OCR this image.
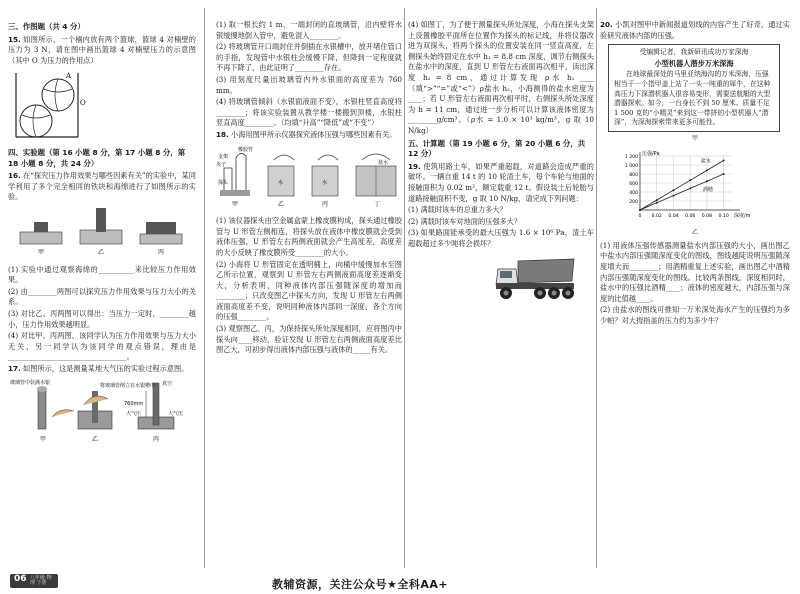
三、作图题（共 4 分）

15. 如图所示，一个楠内放有两个篮球，篮球 4 对楠壁的压力为 3 N，请在图中画出篮球 4 对楠壁压力的示意图（其中 O 为压力的作用点）

A
O
四、实验题（第 16 小题 8 分，第 17 小题 8 分，第 18 小题 8 分，共 24 分）

16. 在“探究压力作用效果与哪些因素有关”的实验中，某同学利用了多个完全相同的铁块和海绵进行了如图所示的实验。

甲	乙	丙

(1) 实验中通过观察海绵的__________来比较压力作用效果。

(2) 由________两图可以探究压力作用效果与压力大小的关系。

(3) 对比乙、丙两图可以得出：当压力一定时，________越小，压力作用效果越明显。

(4) 对比甲、丙两图，该同学认为压力作用效果与压力大小无关，另一同学认为该同学的观点错误，理由是_________________________________。

17. 如图所示，这是测量某地大气压的实验过程示意图。

玻璃管中装满水银	将玻璃管倒立在水银槽中
760mm
真空
大气压	大气压
甲	乙	丙

(1) 取一根长约 1 m、一端封闭的直玻璃管，沿内壁将水银缓慢地倒入管中，避免混入________。

(2) 将玻璃管开口端封住并倒插在水银槽中，放开堵住管口的手指，发现管中水银柱会缓慢下降，但降到一定程度就不再下降了，由此证明了________存在。

(3) 用刻度尺量出玻璃管内外水银面的高度差为 760 mm。

(4) 将玻璃管倾斜（水银面液面不变），水银柱竖直高度将________；将该实验装置从教学楼一楼搬到顶楼，水银柱竖直高度________。（均填“升高”“降低”或“不变”）

18. 小海用图甲所示仪器探究液体压强与哪些因素有关。

橡胶管
支架
夹子
探头	水	水
盐水
甲	乙	丙	丁

(1) 该仪器探头由空金属盒蒙上橡皮膜构成，探头通过橡胶管与 U 形管左侧相连，将探头放在液体中橡皮膜就会受到液体压强，U 形管左右两侧液面就会产生高度差，高度差的大小反映了橡皮膜所受________的大小。

(2) 小海将 U 形管固定在透明桶上，向桶中缓慢加水至图乙所示位置，观察到 U 形管左右两侧液面高度差逐渐变大，分析表明，同种液体内部压强随深度的增加而________；只改变图乙中探头方向，发现 U 形管左右两侧液面高度差不变，说明同种液体内部同一深度，各个方向的压强________。

(3) 观察图乙、丙，为保持探头所处深度相同，应将图丙中探头向____移动，验证发现 U 形管左右两侧液面高度差比图乙大，可初步得出液体内部压强与液体的_____有关。

(4) 如图丁，为了便于测量探头所处深度，小海在探头支架上设置橡胶平面所在位置作为探头的标记线，并将仪器改进为双探头，将两个探头的位置安装在同一竖直高度，左侧探头始终固定在水中 h₁ = 8.8 cm 深度，调节右侧探头在盐水中的深度，直到 U 形管左右液面再次相平，读出深度 h₂ = 8 cm，通过计算发现 ρ水 h₁ ____（填“>”“=”或“<”）ρ盐水 h₂，小海测得的盐水密度为____；若 U 形管左右液面再次相平时，右侧探头所处深度为 h = 11 cm，通过进一步分析可以计算该液体密度为________g/cm³。（ρ水 = 1.0 × 10³ kg/m³，g 取 10 N/kg）

五、计算题（第 19 小题 6 分，第 20 小题 6 分，共 12 分）

19. 使筑用路土车，如果严重超载，对道路会造成严重的破坏。一辆自重 14 t 的 10 轮渣土车，每个车轮与地面的接触面积为 0.02 m²，额定载重 12 t。假设装土后轮胎与道路接触面积不变，g 取 10 N/kg，请完成下列问题：

(1) 满载时该车的总重力多大？

(2) 满载时该车对地面的压强多大？

(3) 如果路面能承受的最大压强为 1.6 × 10⁶ Pa，渣土车超载超过多少吨将会损坏？

20. 小凯对图甲中新闻报道划线的内容产生了好奇，通过实验研究液体内部的压强。

受编辑记者，我新研讯成功万家深海
小型机器人潜步万米深海
在地球最深处的马里亚纳海沟的万米深海，压强相当于一个指甲盖上站了一头一吨重的犀牛，在这种高压力下深潜机器人很容易变形，需要送航艇的大型潜器探索。如今，一台身长不到 50 厘米、质量不足 1 500 克的“小精灵”来到这一带挤的小型机器人“潜深”，为深海探索带来更多可能性。
甲
200
400
600
800
1 000
1 200
0 0.02 0.04 0.06 0.08 0.10
压强/Pa
深度/m
盐水
酒精
乙

(1) 用液体压强传感器测量盐水内部压强的大小，画出图乙中盐水内部压强随深度变化的图线，图线越陡说明压强随深度增大而________；用酒精重复上述实验，画出图乙中酒精内部压强随深度变化的图线。比较两条图线，深度相同时，盐水中的压强比酒精____；液体的密度越大，内部压强与深度的比值越____。

(2) 由盐水的图线可推知一万米深处海水产生的压强约为多少帕？对大拇指盖的压力约为多少牛？

06 八年级 物理 下册	教辅资源，关注公众号★全科AA+
